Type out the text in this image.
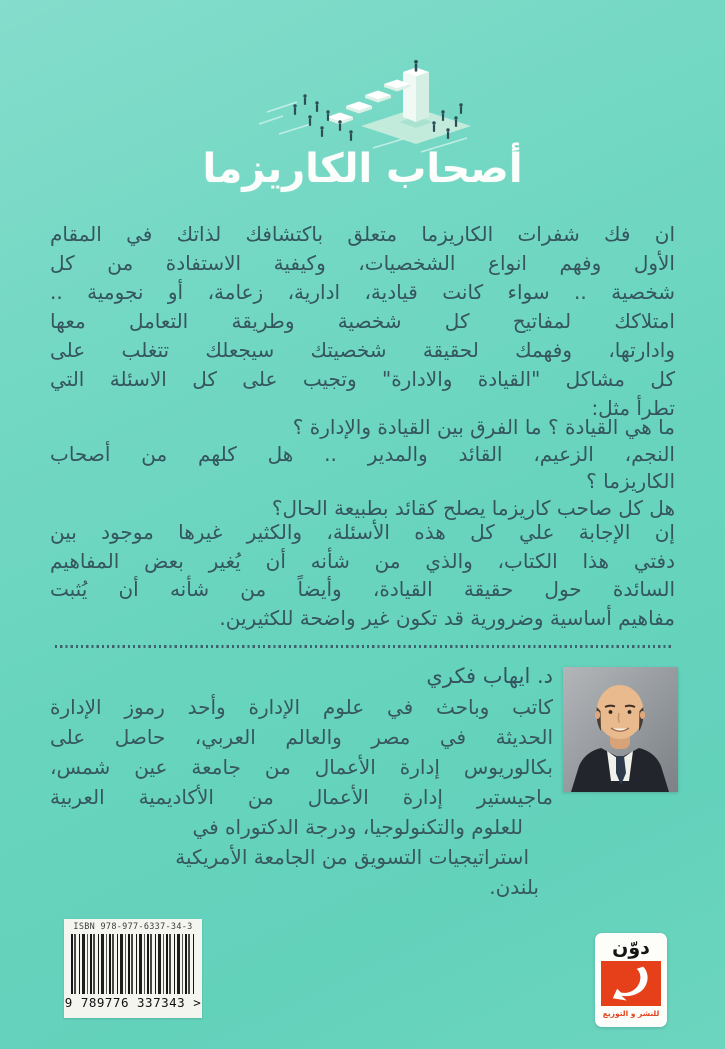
أصحاب الكاريزما
ان فك شفرات الكاريزما متعلق باكتشافك لذاتك في المقام
الأول وفهم انواع الشخصيات، وكيفية الاستفادة من كل
شخصية .. سواء كانت قيادية، ادارية، زعامة، أو نجومية ..
امتلاكك لمفاتيح كل شخصية وطريقة التعامل معها
وادارتها، وفهمك لحقيقة شخصيتك سيجعلك تتغلب على
كل مشاكل "القيادة والادارة" وتجيب على كل الاسئلة التي
تطرأ مثل:
ما هي القيادة ؟ ما الفرق بين القيادة والإدارة ؟
النجم، الزعيم، القائد والمدير .. هل كلهم من أصحاب
الكاريزما ؟
هل كل صاحب كاريزما يصلح كقائد بطبيعة الحال؟
إن الإجابة علي كل هذه الأسئلة، والكثير غيرها موجود بين
دفتي هذا الكتاب، والذي من شأنه أن يُغير بعض المفاهيم
السائدة حول حقيقة القيادة، وأيضاً من شأنه أن يُثبت
مفاهيم أساسية وضرورية قد تكون غير واضحة للكثيرين.
د. ايهاب فكري
كاتب وباحث في علوم الإدارة وأحد رموز الإدارة
الحديثة في مصر والعالم العربي، حاصل على
بكالوريوس إدارة الأعمال من جامعة عين شمس،
ماجيستير إدارة الأعمال من الأكاديمية العربية
للعلوم والتكنولوجيا، ودرجة الدكتوراه في
استراتيجيات التسويق من الجامعة الأمريكية
بلندن.
ISBN 978-977-6337-34-3
9 789776 337343 >
دوّن
للنشر و التوزيع
